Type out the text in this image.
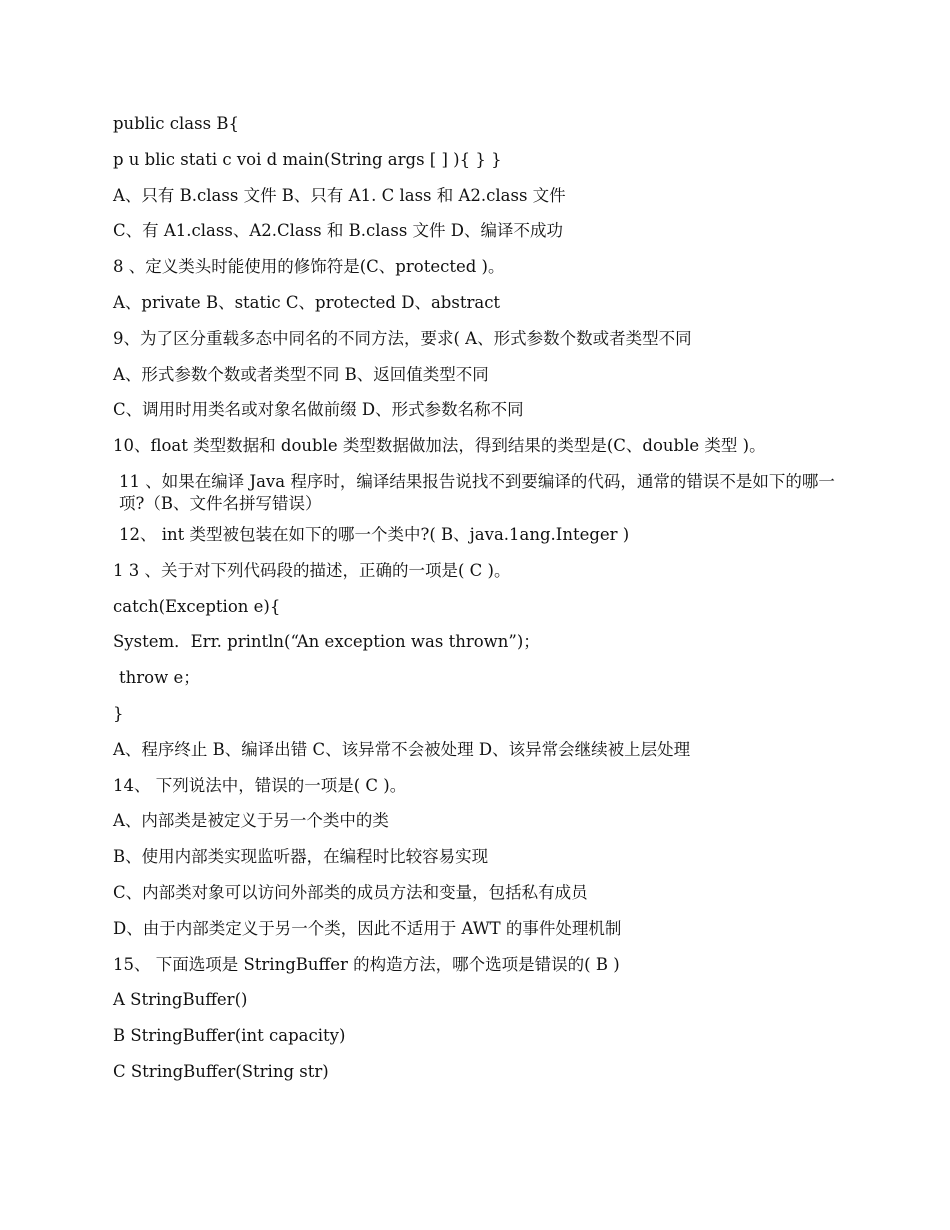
public class B{
p u blic stati c voi d main(String args [ ] ){ } }
A、只有 B.class 文件 B、只有 A1. C lass 和 A2.class 文件
C、有 A1.class、A2.Class 和 B.class 文件 D、编译不成功
8 、定义类头时能使用的修饰符是(C、protected )。
A、private B、static C、protected D、abstract
9、为了区分重载多态中同名的不同方法，要求( A、形式参数个数或者类型不同
A、形式参数个数或者类型不同 B、返回值类型不同
C、调用时用类名或对象名做前缀 D、形式参数名称不同
10、float 类型数据和 double 类型数据做加法，得到结果的类型是(C、double 类型 )。
11 、如果在编译 Java 程序时，编译结果报告说找不到要编译的代码，通常的错误不是如下的哪一项?（B、文件名拼写错误）
12、 int 类型被包装在如下的哪一个类中?( B、java.1ang.Integer )
1 3 、关于对下列代码段的描述，正确的一项是( C )。
catch(Exception e){
System．Err. println(“An exception was thrown”)；
throw e；
}
A、程序终止 B、编译出错 C、该异常不会被处理 D、该异常会继续被上层处理
14、 下列说法中，错误的一项是( C )。
A、内部类是被定义于另一个类中的类
B、使用内部类实现监听器，在编程时比较容易实现
C、内部类对象可以访问外部类的成员方法和变量，包括私有成员
D、由于内部类定义于另一个类，因此不适用于 AWT 的事件处理机制
15、 下面选项是 StringBuffer 的构造方法，哪个选项是错误的( B )
A StringBuffer()
B StringBuffer(int capacity)
C StringBuffer(String str)
